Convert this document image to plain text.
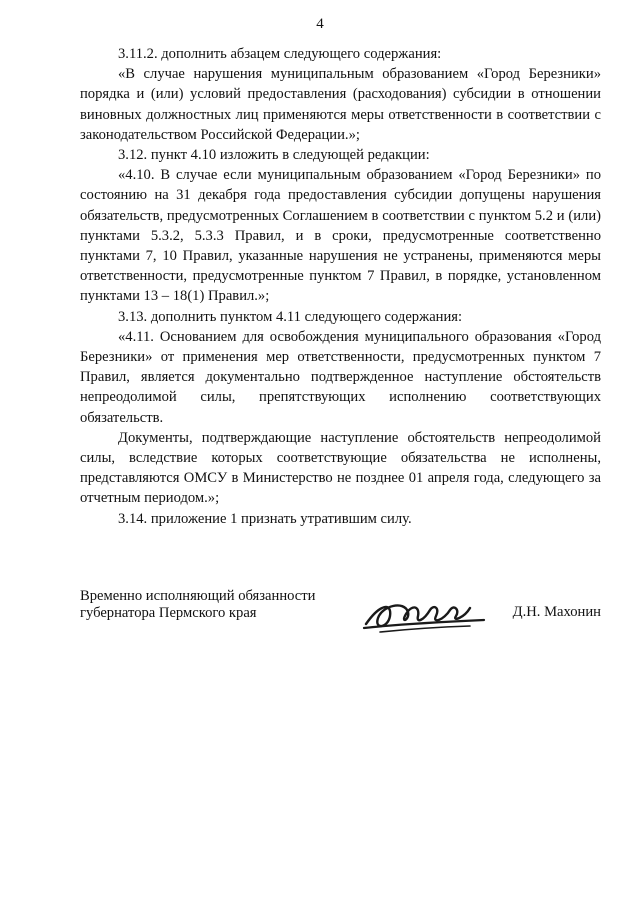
4

3.11.2. дополнить абзацем следующего содержания:

«В случае нарушения муниципальным образованием «Город Березники» порядка и (или) условий предоставления (расходования) субсидии в отношении виновных должностных лиц применяются меры ответственности в соответствии с законодательством Российской Федерации.»;

3.12. пункт 4.10 изложить в следующей редакции:

«4.10. В случае если муниципальным образованием «Город Березники» по состоянию на 31 декабря года предоставления субсидии допущены нарушения обязательств, предусмотренных Соглашением в соответствии с пунктом 5.2 и (или) пунктами 5.3.2, 5.3.3 Правил, и в сроки, предусмотренные соответственно пунктами 7, 10 Правил, указанные нарушения не устранены, применяются меры ответственности, предусмотренные пунктом 7 Правил, в порядке, установленном пунктами 13 – 18(1) Правил.»;

3.13. дополнить пунктом 4.11 следующего содержания:

«4.11. Основанием для освобождения муниципального образования «Город Березники» от применения мер ответственности, предусмотренных пунктом 7 Правил, является документально подтвержденное наступление обстоятельств непреодолимой силы, препятствующих исполнению соответствующих обязательств.

Документы, подтверждающие наступление обстоятельств непреодолимой силы, вследствие которых соответствующие обязательства не исполнены, представляются ОМСУ в Министерство не позднее 01 апреля года, следующего за отчетным периодом.»;

3.14. приложение 1 признать утратившим силу.

Временно исполняющий обязанности
губернатора Пермского края	Д.Н. Махонин
